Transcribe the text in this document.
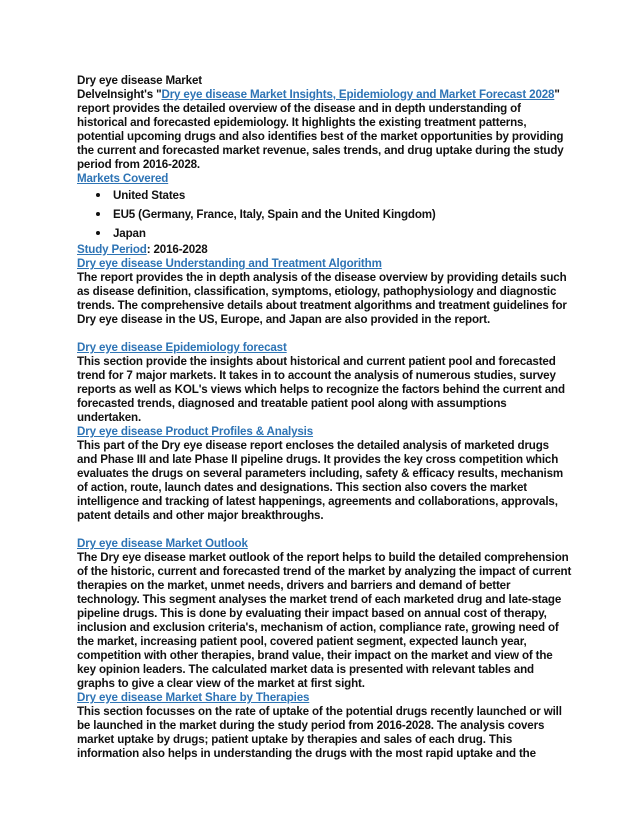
Dry eye disease Market

DelveInsight's "Dry eye disease Market Insights, Epidemiology and Market Forecast 2028" report provides the detailed overview of the disease and in depth understanding of historical and forecasted epidemiology. It highlights the existing treatment patterns, potential upcoming drugs and also identifies best of the market opportunities by providing the current and forecasted market revenue, sales trends, and drug uptake during the study period from 2016-2028.

Markets Covered

United States
EU5 (Germany, France, Italy, Spain and the United Kingdom)
Japan

Study Period: 2016-2028

Dry eye disease Understanding and Treatment Algorithm

The report provides the in depth analysis of the disease overview by providing details such as disease definition, classification, symptoms, etiology, pathophysiology and diagnostic trends. The comprehensive details about treatment algorithms and treatment guidelines for Dry eye disease in the US, Europe, and Japan are also provided in the report.

Dry eye disease Epidemiology forecast

This section provide the insights about historical and current patient pool and forecasted trend for 7 major markets. It takes in to account the analysis of numerous studies, survey reports as well as KOL's views which helps to recognize the factors behind the current and forecasted trends, diagnosed and treatable patient pool along with assumptions undertaken.

Dry eye disease Product Profiles & Analysis

This part of the Dry eye disease report encloses the detailed analysis of marketed drugs and Phase III and late Phase II pipeline drugs. It provides the key cross competition which evaluates the drugs on several parameters including, safety & efficacy results, mechanism of action, route, launch dates and designations. This section also covers the market intelligence and tracking of latest happenings, agreements and collaborations, approvals, patent details and other major breakthroughs.

Dry eye disease Market Outlook

The Dry eye disease market outlook of the report helps to build the detailed comprehension of the historic, current and forecasted trend of the market by analyzing the impact of current therapies on the market, unmet needs, drivers and barriers and demand of better technology. This segment analyses the market trend of each marketed drug and late-stage pipeline drugs. This is done by evaluating their impact based on annual cost of therapy, inclusion and exclusion criteria's, mechanism of action, compliance rate, growing need of the market, increasing patient pool, covered patient segment, expected launch year, competition with other therapies, brand value, their impact on the market and view of the key opinion leaders. The calculated market data is presented with relevant tables and graphs to give a clear view of the market at first sight.

Dry eye disease Market Share by Therapies

This section focusses on the rate of uptake of the potential drugs recently launched or will be launched in the market during the study period from 2016-2028. The analysis covers market uptake by drugs; patient uptake by therapies and sales of each drug. This information also helps in understanding the drugs with the most rapid uptake and the
